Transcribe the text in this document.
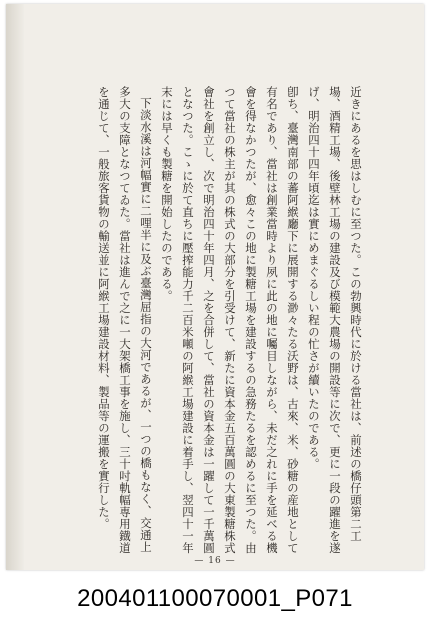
近きにあるを思はしむに至つた。この勃興時代に於ける當社は、前述の橋仔頭第二工場、酒精工場、後壁林工場の建設及び模範大農場の開設等に次で、更に一段の躍進を遂げ、明治四十四年頃迄は實にめまぐるしい程の忙さが續いたのである。

卽ち、臺灣南部の蕃阿緱廳下に展開する渺々たる沃野は、古來、米、砂糖の産地として有名であり、當社は創業當時より夙に此の地に囑目しながら、未だ之れに手を延べる機會を得なかつたが、愈々この地に製糖工場を建設するの急務たるを認めるに至つた。由つて當社の株主が其の株式の大部分を引受けて、新たに資本金五百萬圓の大東製糖株式會社を創立し、次で明治四十年四月、之を合併して、當社の資本金は一躍して一千萬圓となつた。こゝに於て直ちに壓搾能力千二百米噸の阿緱工場建設に着手し、翌四十一年末には早くも製糖を開始したのである。

下淡水溪は河幅實に二哩半に及ぶ臺灣屈指の大河であるが、一つの橋もなく、交通上多大の支障となつてゐた。當社は進んで之に一大架橋工事を施し、三十吋軌幅専用鐡道を通じて、一般旅客貨物の輸送並に阿緱工場建設材料、製品等の運搬を實行した。

— 16 —
200401100070001_P071
